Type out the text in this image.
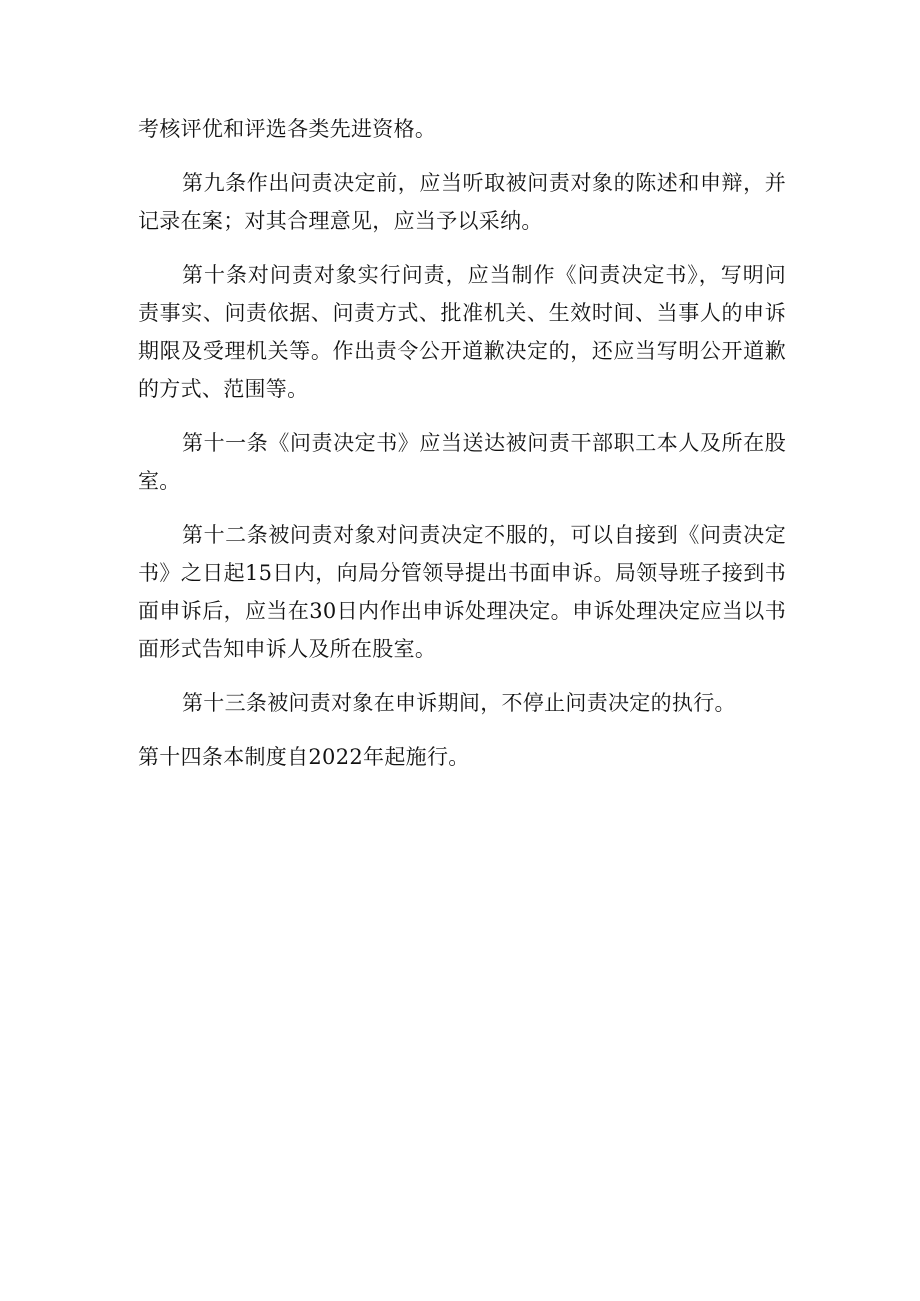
考核评优和评选各类先进资格。

第九条作出问责决定前，应当听取被问责对象的陈述和申辩，并记录在案；对其合理意见，应当予以采纳。

第十条对问责对象实行问责，应当制作《问责决定书》，写明问责事实、问责依据、问责方式、批准机关、生效时间、当事人的申诉期限及受理机关等。作出责令公开道歉决定的，还应当写明公开道歉的方式、范围等。

第十一条《问责决定书》应当送达被问责干部职工本人及所在股室。

第十二条被问责对象对问责决定不服的，可以自接到《问责决定书》之日起15日内，向局分管领导提出书面申诉。局领导班子接到书面申诉后，应当在30日内作出申诉处理决定。申诉处理决定应当以书面形式告知申诉人及所在股室。

第十三条被问责对象在申诉期间，不停止问责决定的执行。

第十四条本制度自2022年起施行。
